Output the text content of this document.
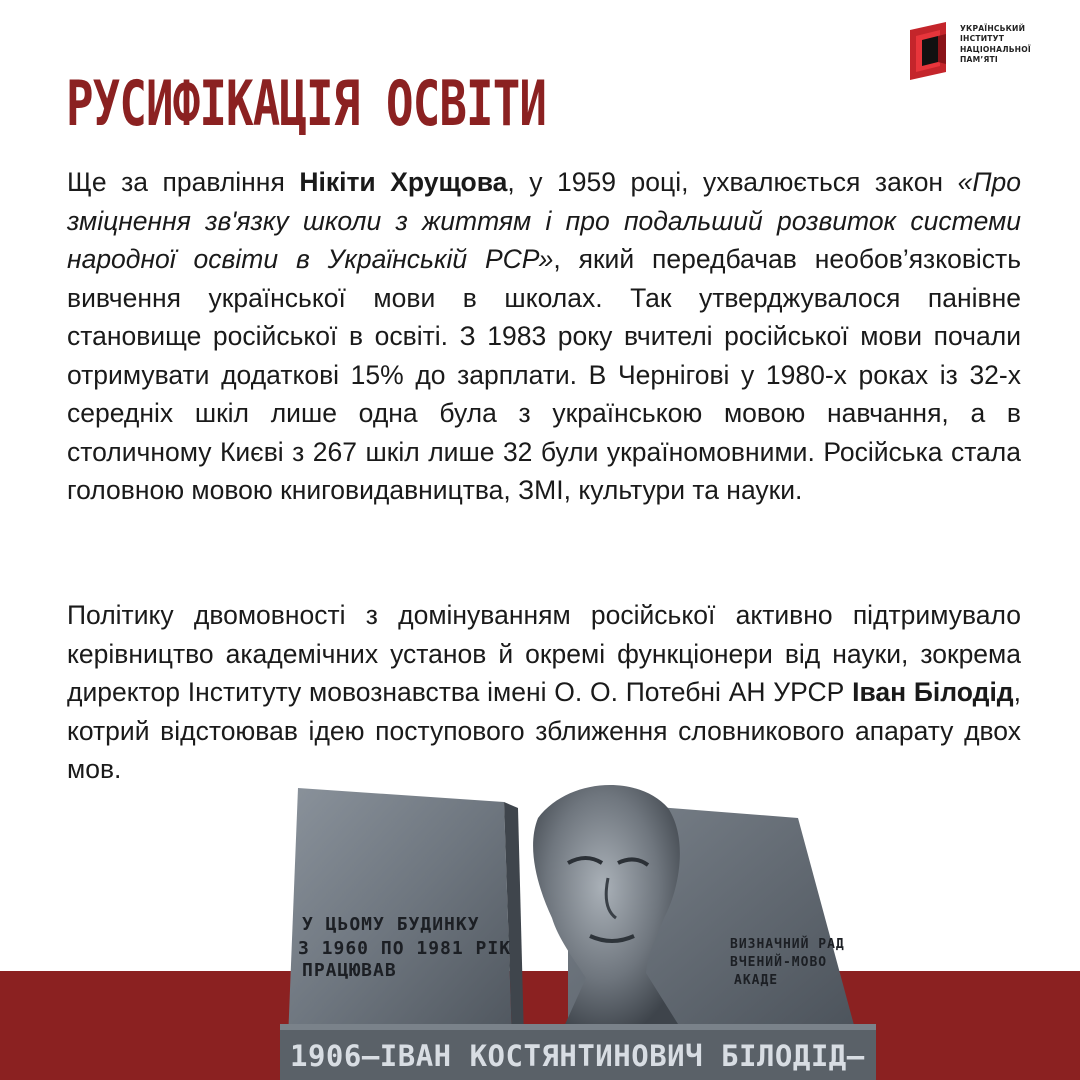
УКРАЇНСЬКИЙ
ІНСТИТУТ
НАЦІОНАЛЬНОЇ
ПАМ’ЯТІ
РУСИФІКАЦІЯ ОСВІТИ

Ще за правління Нікіти Хрущова, у 1959 році, ухвалюється закон «Про зміцнення зв'язку школи з життям і про подальший розвиток системи народної освіти в Українській РСР», який передбачав необов’язковість вивчення української мови в школах. Так утверджувалося панівне становище російської в освіті. З 1983 року вчителі російської мови почали отримувати додаткові 15% до зарплати. В Чернігові у 1980-х роках із 32-х середніх шкіл лише одна була з українською мовою навчання, а в столичному Києві з 267 шкіл лише 32 були україномовними. Російська стала головною мовою книговидавництва, ЗМІ, культури та науки.

Політику двомовності з домінуванням російської активно підтримувало керівництво академічних установ й окремі функціонери від науки, зокрема директор Інституту мовознавства імені О. О. Потебні АН УРСР Іван Білодід, котрий відстоював ідею поступового зближення словникового апарату двох мов.

У ЦЬОМУ БУДИНКУ
З 1960 ПО 1981 РІК
ПРАЦЮВАВ
ВИЗНАЧНИЙ РАД
ВЧЕНИЙ-МОВО
АКАДЕ
1906—ІВАН КОСТЯНТИНОВИЧ БІЛОДІД—
